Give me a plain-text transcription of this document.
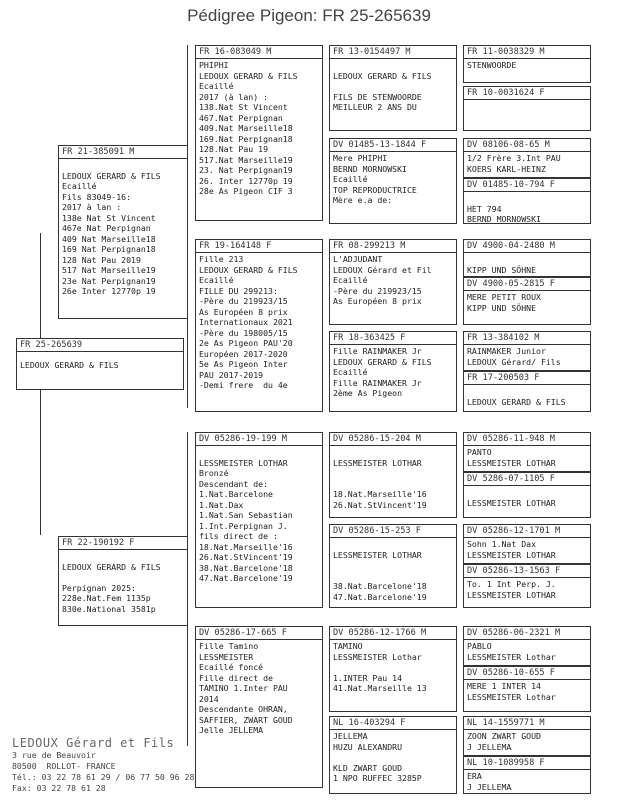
Pédigree Pigeon: FR 25-265639
FR 25-265639
LEDOUX GERARD & FILS
FR 21-385091 M

LEDOUX GERARD & FILS
Ecaillé
Fils 83049-16:
2017 à lan :
138e Nat St Vincent
467e Nat Perpignan
409 Nat Marseille18
169 Nat Perpignan18
128 Nat Pau 2019
517 Nat Marseille19
23e Nat Perpignan19
26e Inter 12770p 19
FR 22-190192 F

LEDOUX GERARD & FILS

Perpignan 2025:
228e.Nat.Fem 1135p
830e.National 3581p
FR 16-083049 M
PHIPHI
LEDOUX GERARD & FILS
Ecaillé
2017 (à lan) :
138.Nat St Vincent
467.Nat Perpignan
409.Nat Marseille18
169.Nat Perpignan18
128.Nat Pau 19
517.Nat Marseille19
23. Nat Perpignan19
26. Inter 12770p 19
28e As Pigeon CIF 3
FR 19-164148 F
Fille 213
LEDOUX GERARD & FILS
Ecaillé
FILLE DU 299213:
-Père du 219923/15
As Européen 8 prix
Internationaux 2021
-Père du 198005/15
2e As Pigeon PAU'20
Européen 2017-2020
5e As Pigeon Inter
PAU 2017-2019
-Demi frere  du 4e
DV 05286-19-199 M

LESSMEISTER LOTHAR
Bronzé
Descendant de:
1.Nat.Barcelone
1.Nat.Dax
1.Nat.San Sebastian
1.Int.Perpignan J.
fils direct de :
18.Nat.Marseille'16
26.Nat.StVincent'19
38.Nat.Barcelone'18
47.Nat.Barcelone'19
DV 05286-17-665 F
Fille Tamino
LESSMEISTER
Ecaillé foncé
Fille direct de
TAMINO 1.Inter PAU
2014
Descendante OHRAN,
SAFFIER, ZWART GOUD
Jelle JELLEMA
FR 13-0154497 M

LEDOUX GERARD & FILS

FILS DE STENWOORDE
MEILLEUR 2 ANS DU
DV 01485-13-1844 F
Mere PHIPHI
BERND MORNOWSKI
Ecaillé
TOP REPRODUCTRICE
Mère e.a de:
FR 08-299213 M
L'ADJUDANT
LEDOUX Gérard et Fil
Ecaillé
-Père du 219923/15
As Européen 8 prix
FR 18-363425 F
Fille RAINMAKER Jr
LEDOUX GERARD & FILS
Ecaillé
Fille RAINMAKER Jr
2ème As Pigeon
DV 05286-15-204 M

LESSMEISTER LOTHAR

18.Nat.Marseille'16
26.Nat.StVincent'19
DV 05286-15-253 F

LESSMEISTER LOTHAR

38.Nat.Barcelone'18
47.Nat.Barcelone'19
DV 05286-12-1766 M
TAMINO
LESSMEISTER Lothar

1.INTER Pau 14
41.Nat.Marseille 13
NL 16-403294 F
JELLEMA
HUZU ALEXANDRU

KLD ZWART GOUD
1 NPO RUFFEC 3285P
FR 11-0038329 M
STENWOORDE
FR 10-0031624 F
DV 08106-08-65 M
1/2 Frère 3.Int PAU
KOERS KARL-HEINZ
DV 01485-10-794 F

HET 794
BERND MORNOWSKI
DV 4900-04-2480 M

KIPP UND SÖHNE
DV 4900-05-2815 F
MERE PETIT ROUX
KIPP UND SÖHNE
FR 13-384102 M
RAINMAKER Junior
LEDOUX Gérard/ Fils
FR 17-200503 F

LEDOUX GERARD & FILS
DV 05286-11-948 M
PANTO
LESSMEISTER LOTHAR
DV 5286-07-1105 F

LESSMEISTER LOTHAR
DV 05286-12-1701 M
Sohn 1.Nat Dax
LESSMEISTER LOTHAR
DV 05286-13-1563 F
To. 1 Int Perp. J.
LESSMEISTER LOTHAR
DV 05286-06-2321 M
PABLO
LESSMEISTER Lothar
DV 05286-10-655 F
MERE 1 INTER 14
LESSMEISTER Lothar
NL 14-1559771 M
ZOON ZWART GOUD
J JELLEMA
NL 10-1089958 F
ERA
J JELLEMA
LEDOUX Gérard et Fils
3 rue de Beauvoir
80500  ROLLOT- FRANCE
Tél.: 03 22 78 61 29 / 06 77 50 96 28
Fax: 03 22 78 61 28
